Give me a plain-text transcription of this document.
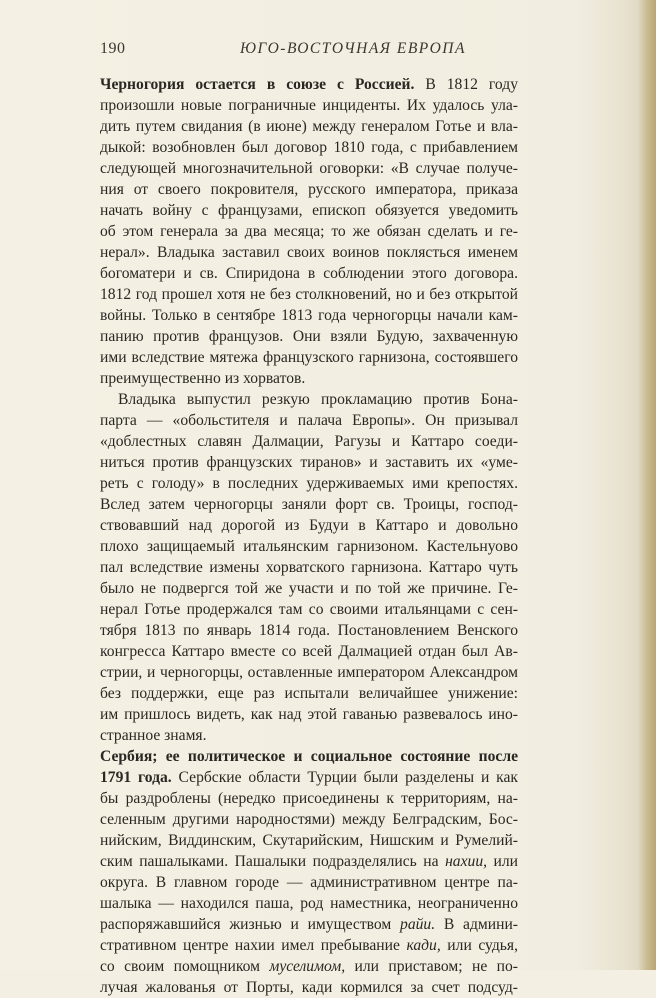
190	ЮГО-ВОСТОЧНАЯ ЕВРОПА
Черногория остается в союзе с Россией. В 1812 году
произошли новые пограничные инциденты. Их удалось ула-
дить путем свидания (в июне) между генералом Готье и вла-
дыкой: возобновлен был договор 1810 года, с прибавлением
следующей многозначительной оговорки: «В случае получе-
ния от своего покровителя, русского императора, приказа
начать войну с французами, епископ обязуется уведомить
об этом генерала за два месяца; то же обязан сделать и ге-
нерал». Владыка заставил своих воинов поклясться именем
богоматери и св. Спиридона в соблюдении этого договора.
1812 год прошел хотя не без столкновений, но и без открытой
войны. Только в сентябре 1813 года черногорцы начали кам-
панию против французов. Они взяли Будую, захваченную
ими вследствие мятежа французского гарнизона, состоявшего
преимущественно из хорватов.
Владыка выпустил резкую прокламацию против Бона-
парта — «обольстителя и палача Европы». Он призывал
«доблестных славян Далмации, Рагузы и Каттаро соеди-
ниться против французских тиранов» и заставить их «уме-
реть с голоду» в последних удерживаемых ими крепостях.
Вслед затем черногорцы заняли форт св. Троицы, господ-
ствовавший над дорогой из Будуи в Каттаро и довольно
плохо защищаемый итальянским гарнизоном. Кастельнуово
пал вследствие измены хорватского гарнизона. Каттаро чуть
было не подвергся той же участи и по той же причине. Ге-
нерал Готье продержался там со своими итальянцами с сен-
тября 1813 по январь 1814 года. Постановлением Венского
конгресса Каттаро вместе со всей Далмацией отдан был Ав-
стрии, и черногорцы, оставленные императором Александром
без поддержки, еще раз испытали величайшее унижение:
им пришлось видеть, как над этой гаванью развевалось ино-
странное знамя.
Сербия; ее политическое и социальное состояние после
1791 года. Сербские области Турции были разделены и как
бы раздроблены (нередко присоединены к территориям, на-
селенным другими народностями) между Белградским, Бос-
нийским, Виддинским, Скутарийским, Нишским и Румелий-
ским пашалыками. Пашалыки подразделялись на нахии, или
округа. В главном городе — административном центре па-
шалыка — находился паша, род наместника, неограниченно
распоряжавшийся жизнью и имуществом райи. В админи-
стративном центре нахии имел пребывание кади, или судья,
со своим помощником муселимом, или приставом; не по-
лучая жалованья от Порты, кади кормился за счет подсуд-
